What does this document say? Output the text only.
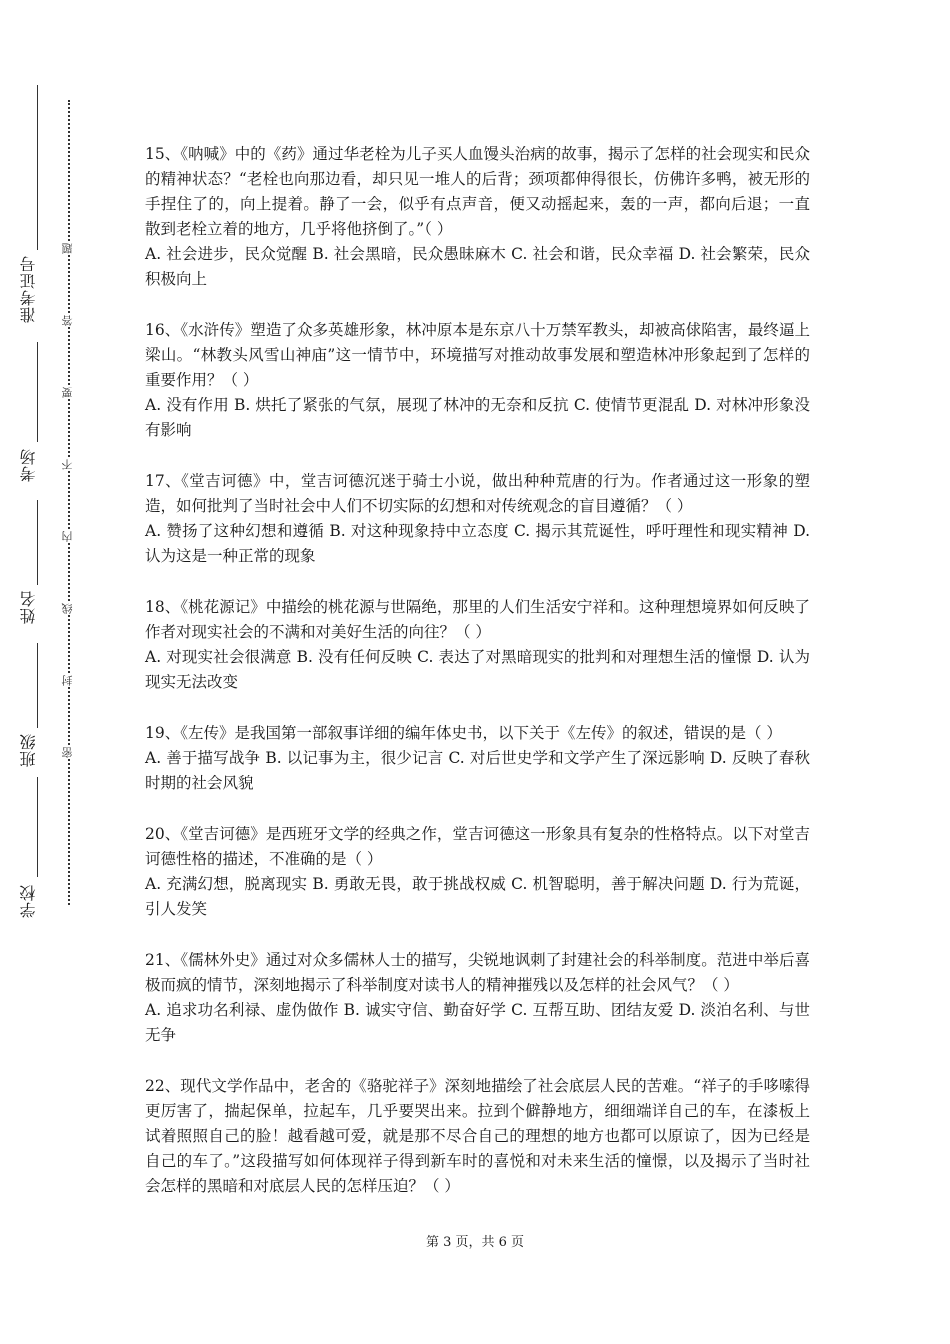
准考证号
考场
姓名
班级
学校
题
答
要
不
内
线
封
密

15、《呐喊》中的《药》通过华老栓为儿子买人血馒头治病的故事，揭示了怎样的社会现实和民众的精神状态？“老栓也向那边看，却只见一堆人的后背；颈项都伸得很长，仿佛许多鸭，被无形的手捏住了的，向上提着。静了一会，似乎有点声音，便又动摇起来，轰的一声，都向后退；一直散到老栓立着的地方，几乎将他挤倒了。”（ ）

A. 社会进步，民众觉醒 B. 社会黑暗，民众愚昧麻木 C. 社会和谐，民众幸福 D. 社会繁荣，民众积极向上

16、《水浒传》塑造了众多英雄形象，林冲原本是东京八十万禁军教头，却被高俅陷害，最终逼上梁山。“林教头风雪山神庙”这一情节中，环境描写对推动故事发展和塑造林冲形象起到了怎样的重要作用？（ ）

A. 没有作用 B. 烘托了紧张的气氛，展现了林冲的无奈和反抗 C. 使情节更混乱 D. 对林冲形象没有影响

17、《堂吉诃德》中，堂吉诃德沉迷于骑士小说，做出种种荒唐的行为。作者通过这一形象的塑造，如何批判了当时社会中人们不切实际的幻想和对传统观念的盲目遵循？（ ）

A. 赞扬了这种幻想和遵循 B. 对这种现象持中立态度 C. 揭示其荒诞性，呼吁理性和现实精神 D. 认为这是一种正常的现象

18、《桃花源记》中描绘的桃花源与世隔绝，那里的人们生活安宁祥和。这种理想境界如何反映了作者对现实社会的不满和对美好生活的向往？（ ）

A. 对现实社会很满意 B. 没有任何反映 C. 表达了对黑暗现实的批判和对理想生活的憧憬 D. 认为现实无法改变

19、《左传》是我国第一部叙事详细的编年体史书，以下关于《左传》的叙述，错误的是（ ）

A. 善于描写战争 B. 以记事为主，很少记言 C. 对后世史学和文学产生了深远影响 D. 反映了春秋时期的社会风貌

20、《堂吉诃德》是西班牙文学的经典之作，堂吉诃德这一形象具有复杂的性格特点。以下对堂吉诃德性格的描述，不准确的是（ ）

A. 充满幻想，脱离现实 B. 勇敢无畏，敢于挑战权威 C. 机智聪明，善于解决问题 D. 行为荒诞，引人发笑

21、《儒林外史》通过对众多儒林人士的描写，尖锐地讽刺了封建社会的科举制度。范进中举后喜极而疯的情节，深刻地揭示了科举制度对读书人的精神摧残以及怎样的社会风气？（ ）

A. 追求功名利禄、虚伪做作 B. 诚实守信、勤奋好学 C. 互帮互助、团结友爱 D. 淡泊名利、与世无争

22、现代文学作品中，老舍的《骆驼祥子》深刻地描绘了社会底层人民的苦难。“祥子的手哆嗦得更厉害了，揣起保单，拉起车，几乎要哭出来。拉到个僻静地方，细细端详自己的车，在漆板上试着照照自己的脸！越看越可爱，就是那不尽合自己的理想的地方也都可以原谅了，因为已经是自己的车了。”这段描写如何体现祥子得到新车时的喜悦和对未来生活的憧憬，以及揭示了当时社会怎样的黑暗和对底层人民的怎样压迫？（ ）

第 3 页，共 6 页
